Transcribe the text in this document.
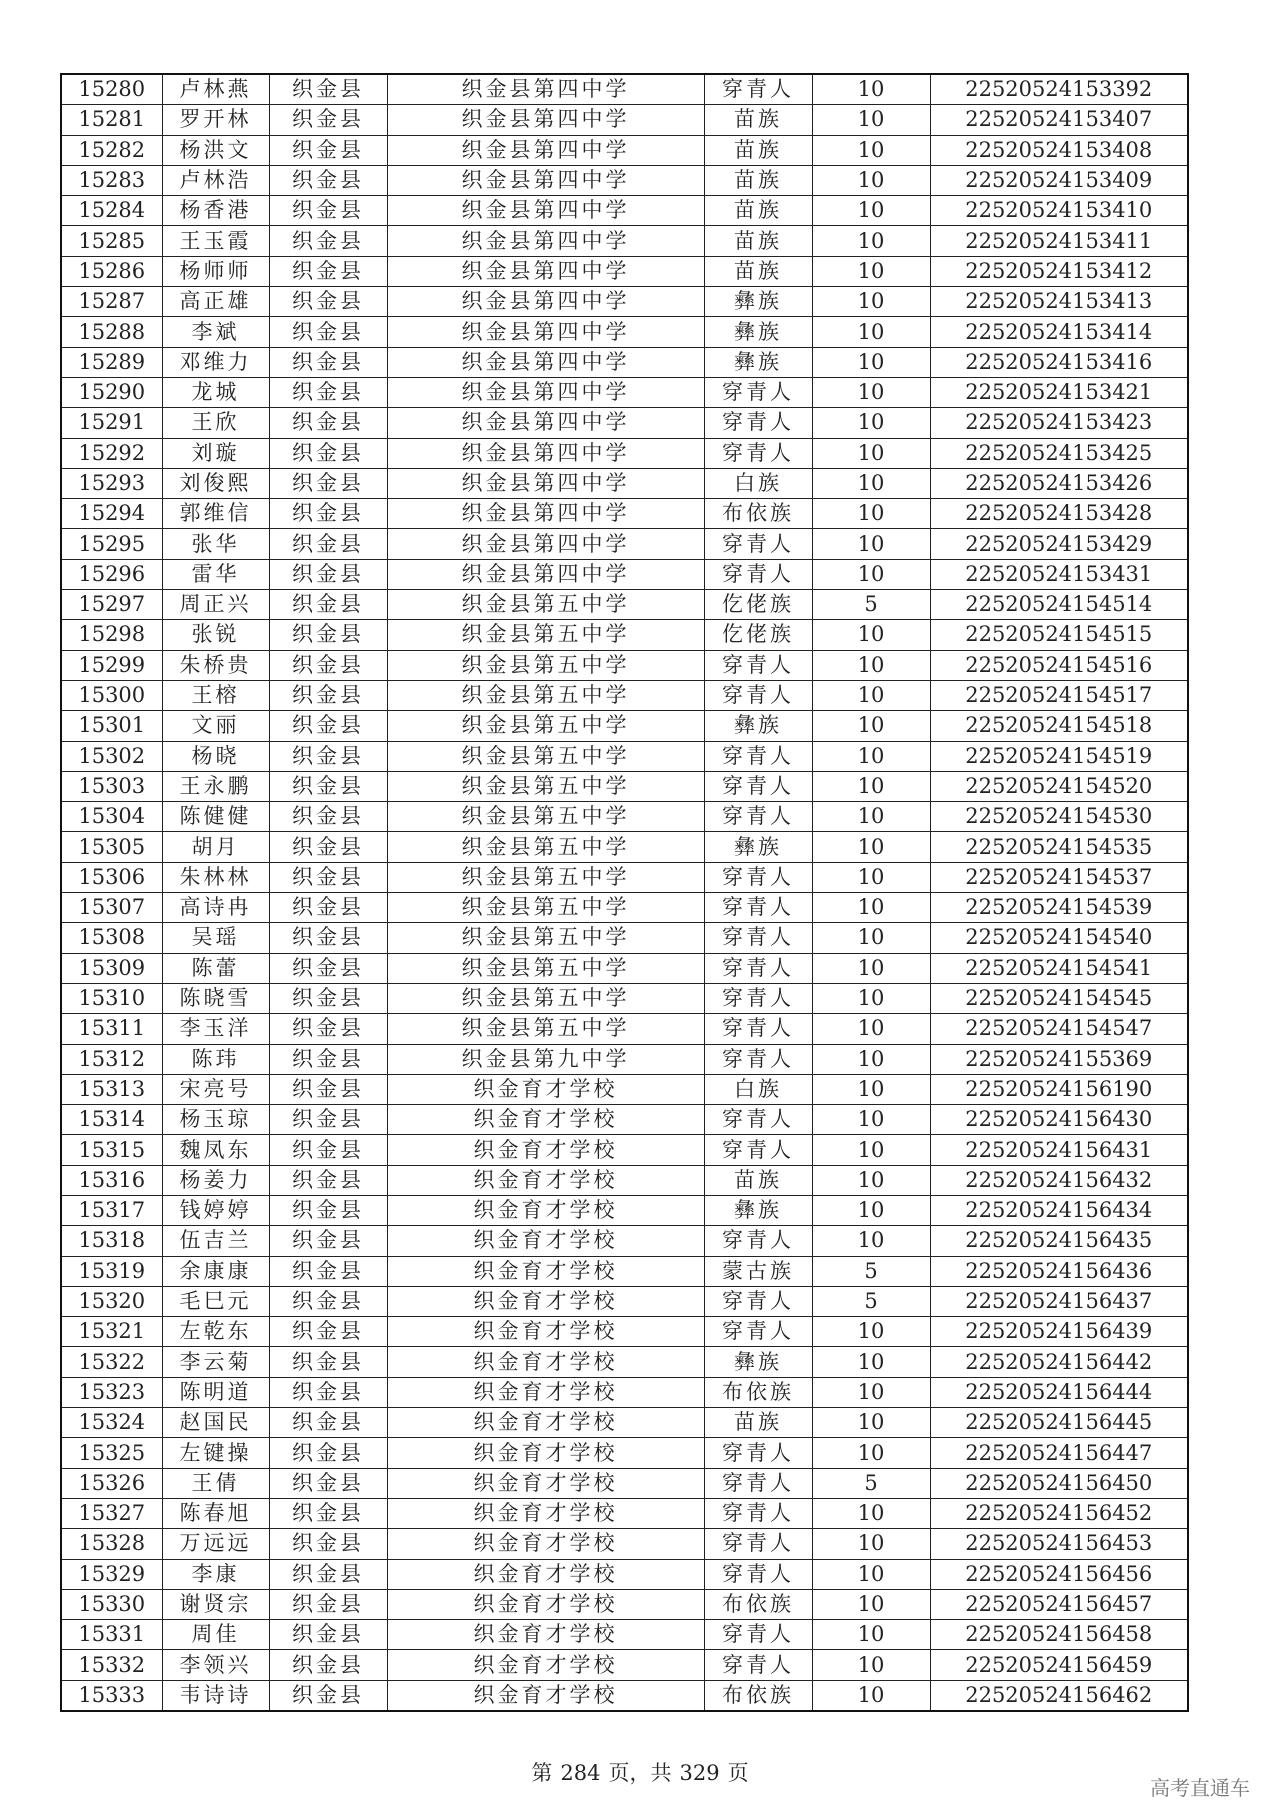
15280	卢林燕	织金县	织金县第四中学	穿青人	10	22520524153392
15281	罗开林	织金县	织金县第四中学	苗族	10	22520524153407
15282	杨洪文	织金县	织金县第四中学	苗族	10	22520524153408
15283	卢林浩	织金县	织金县第四中学	苗族	10	22520524153409
15284	杨香港	织金县	织金县第四中学	苗族	10	22520524153410
15285	王玉霞	织金县	织金县第四中学	苗族	10	22520524153411
15286	杨师师	织金县	织金县第四中学	苗族	10	22520524153412
15287	高正雄	织金县	织金县第四中学	彝族	10	22520524153413
15288	李斌	织金县	织金县第四中学	彝族	10	22520524153414
15289	邓维力	织金县	织金县第四中学	彝族	10	22520524153416
15290	龙城	织金县	织金县第四中学	穿青人	10	22520524153421
15291	王欣	织金县	织金县第四中学	穿青人	10	22520524153423
15292	刘璇	织金县	织金县第四中学	穿青人	10	22520524153425
15293	刘俊熙	织金县	织金县第四中学	白族	10	22520524153426
15294	郭维信	织金县	织金县第四中学	布依族	10	22520524153428
15295	张华	织金县	织金县第四中学	穿青人	10	22520524153429
15296	雷华	织金县	织金县第四中学	穿青人	10	22520524153431
15297	周正兴	织金县	织金县第五中学	仡佬族	5	22520524154514
15298	张锐	织金县	织金县第五中学	仡佬族	10	22520524154515
15299	朱桥贵	织金县	织金县第五中学	穿青人	10	22520524154516
15300	王榕	织金县	织金县第五中学	穿青人	10	22520524154517
15301	文丽	织金县	织金县第五中学	彝族	10	22520524154518
15302	杨晓	织金县	织金县第五中学	穿青人	10	22520524154519
15303	王永鹏	织金县	织金县第五中学	穿青人	10	22520524154520
15304	陈健健	织金县	织金县第五中学	穿青人	10	22520524154530
15305	胡月	织金县	织金县第五中学	彝族	10	22520524154535
15306	朱林林	织金县	织金县第五中学	穿青人	10	22520524154537
15307	高诗冉	织金县	织金县第五中学	穿青人	10	22520524154539
15308	吴瑶	织金县	织金县第五中学	穿青人	10	22520524154540
15309	陈蕾	织金县	织金县第五中学	穿青人	10	22520524154541
15310	陈晓雪	织金县	织金县第五中学	穿青人	10	22520524154545
15311	李玉洋	织金县	织金县第五中学	穿青人	10	22520524154547
15312	陈玮	织金县	织金县第九中学	穿青人	10	22520524155369
15313	宋亮号	织金县	织金育才学校	白族	10	22520524156190
15314	杨玉琼	织金县	织金育才学校	穿青人	10	22520524156430
15315	魏凤东	织金县	织金育才学校	穿青人	10	22520524156431
15316	杨姜力	织金县	织金育才学校	苗族	10	22520524156432
15317	钱婷婷	织金县	织金育才学校	彝族	10	22520524156434
15318	伍吉兰	织金县	织金育才学校	穿青人	10	22520524156435
15319	余康康	织金县	织金育才学校	蒙古族	5	22520524156436
15320	毛巳元	织金县	织金育才学校	穿青人	5	22520524156437
15321	左乾东	织金县	织金育才学校	穿青人	10	22520524156439
15322	李云菊	织金县	织金育才学校	彝族	10	22520524156442
15323	陈明道	织金县	织金育才学校	布依族	10	22520524156444
15324	赵国民	织金县	织金育才学校	苗族	10	22520524156445
15325	左键操	织金县	织金育才学校	穿青人	10	22520524156447
15326	王倩	织金县	织金育才学校	穿青人	5	22520524156450
15327	陈春旭	织金县	织金育才学校	穿青人	10	22520524156452
15328	万远远	织金县	织金育才学校	穿青人	10	22520524156453
15329	李康	织金县	织金育才学校	穿青人	10	22520524156456
15330	谢贤宗	织金县	织金育才学校	布依族	10	22520524156457
15331	周佳	织金县	织金育才学校	穿青人	10	22520524156458
15332	李领兴	织金县	织金育才学校	穿青人	10	22520524156459
15333	韦诗诗	织金县	织金育才学校	布依族	10	22520524156462
第 284 页，共 329 页
高考直通车
